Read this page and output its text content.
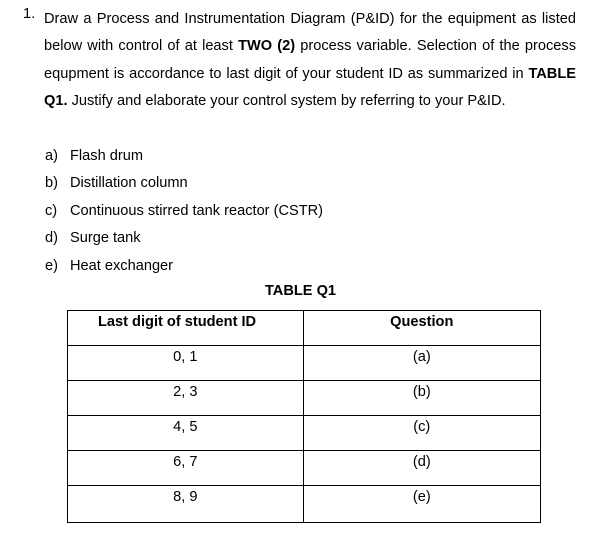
1. Draw a Process and Instrumentation Diagram (P&ID) for the equipment as listed below with control of at least TWO (2) process variable. Selection of the process equpment is accordance to last digit of your student ID as summarized in TABLE Q1. Justify and elaborate your control system by referring to your P&ID.
a) Flash drum
b) Distillation column
c) Continuous stirred tank reactor (CSTR)
d) Surge tank
e) Heat exchanger
TABLE Q1
Last digit of student ID	Question
0, 1	(a)
2, 3	(b)
4, 5	(c)
6, 7	(d)
8, 9	(e)
